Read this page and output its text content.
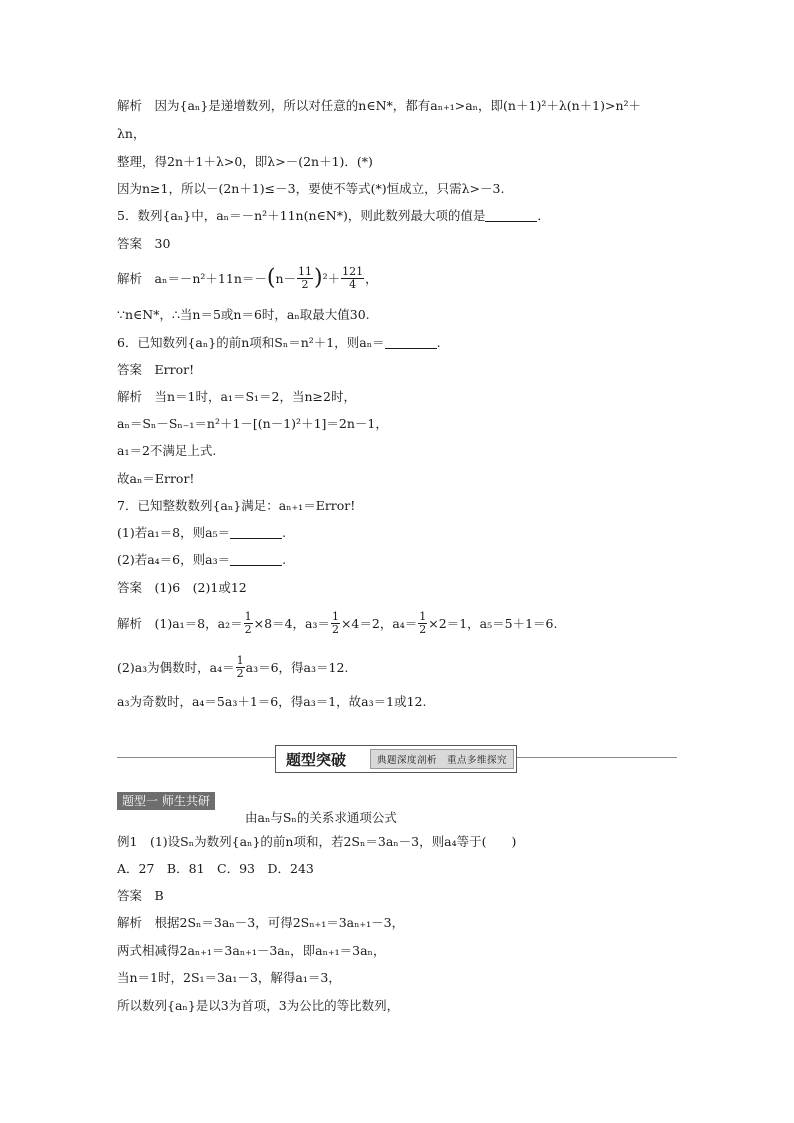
解析　因为{aₙ}是递增数列，所以对任意的n∈N*，都有aₙ₊₁>aₙ，即(n＋1)²＋λ(n＋1)>n²＋
λn，
整理，得2n＋1＋λ>0，即λ>－(2n＋1)．(*)
因为n≥1，所以－(2n＋1)≤－3，要使不等式(*)恒成立，只需λ>－3.
5．数列{aₙ}中，aₙ＝－n²＋11n(n∈N*)，则此数列最大项的值是	．
答案　30
解析　$a_n=-n^2+11n=-(n- \frac{11}{2} )^2+ \frac{121}{4}$ ，
∵n∈N*，∴当n＝5或n＝6时，aₙ取最大值30.
6．已知数列{aₙ}的前n项和Sₙ＝n²＋1，则aₙ＝	.
答案　Error!
解析　当n＝1时，a₁＝S₁＝2，当n≥2时，
aₙ＝Sₙ－Sₙ₋₁＝n²＋1－[(n－1)²＋1]＝2n－1，
a₁＝2不满足上式.
故aₙ＝Error!
7．已知整数数列{aₙ}满足：aₙ₊₁＝Error!
(1)若a₁＝8，则a₅＝	.
(2)若a₄＝6，则a₃＝	.
答案　(1)6　(2)1或12
解析　(1)a₁＝8，$a_2= \frac{1}{2} \times 8=4$，$a_3= \frac{1}{2} \times 4=2$，$a_4= \frac{1}{2} \times 2=1$，a₅＝5＋1＝6.
(2)a₃为偶数时，$a_4= \frac{1}{2} a_3=6$，得a₃＝12.
a₃为奇数时，a₄＝5a₃＋1＝6，得a₃＝1，故a₃＝1或12.
题型突破	典题深度剖析　重点多维探究
题型一 师生共研
由aₙ与Sₙ的关系求通项公式
例1　(1)设Sₙ为数列{aₙ}的前n项和，若2Sₙ＝3aₙ－3，则a₄等于(　　)
A．27　B．81　C．93　D．243
答案　B
解析　根据2Sₙ＝3aₙ－3，可得2Sₙ₊₁＝3aₙ₊₁－3，
两式相减得2aₙ₊₁＝3aₙ₊₁－3aₙ，即aₙ₊₁＝3aₙ，
当n＝1时，2S₁＝3a₁－3，解得a₁＝3，
所以数列{aₙ}是以3为首项，3为公比的等比数列，
